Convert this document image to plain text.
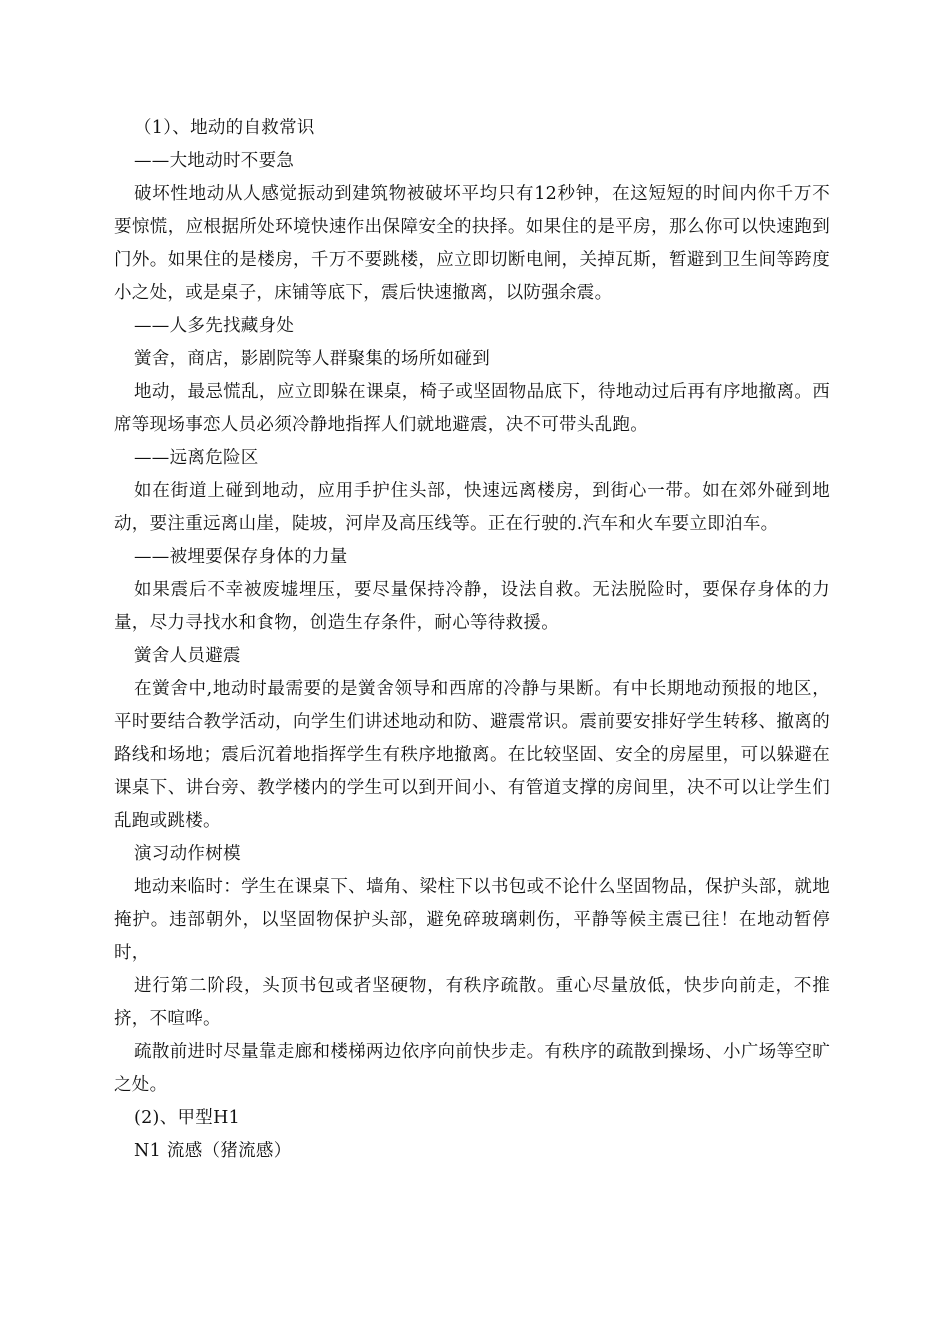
（1）、地动的自救常识

——大地动时不要急

破坏性地动从人感觉振动到建筑物被破坏平均只有12秒钟，在这短短的时间内你千万不要惊慌，应根据所处环境快速作出保障安全的抉择。如果住的是平房，那么你可以快速跑到门外。如果住的是楼房，千万不要跳楼，应立即切断电闸，关掉瓦斯，暂避到卫生间等跨度小之处，或是桌子，床铺等底下，震后快速撤离，以防强余震。

——人多先找藏身处

黉舍，商店，影剧院等人群聚集的场所如碰到

地动，最忌慌乱，应立即躲在课桌，椅子或坚固物品底下，待地动过后再有序地撤离。西席等现场事恋人员必须冷静地指挥人们就地避震，决不可带头乱跑。

——远离危险区

如在街道上碰到地动，应用手护住头部，快速远离楼房，到街心一带。如在郊外碰到地动，要注重远离山崖，陡坡，河岸及高压线等。正在行驶的.汽车和火车要立即泊车。

——被埋要保存身体的力量

如果震后不幸被废墟埋压，要尽量保持冷静，设法自救。无法脱险时，要保存身体的力量，尽力寻找水和食物，创造生存条件，耐心等待救援。

黉舍人员避震

在黉舍中,地动时最需要的是黉舍领导和西席的冷静与果断。有中长期地动预报的地区，平时要结合教学活动，向学生们讲述地动和防、避震常识。震前要安排好学生转移、撤离的路线和场地；震后沉着地指挥学生有秩序地撤离。在比较坚固、安全的房屋里，可以躲避在课桌下、讲台旁、教学楼内的学生可以到开间小、有管道支撑的房间里，决不可以让学生们乱跑或跳楼。

演习动作树模

地动来临时：学生在课桌下、墙角、梁柱下以书包或不论什么坚固物品，保护头部，就地掩护。违部朝外，以坚固物保护头部，避免碎玻璃刺伤，平静等候主震已往！在地动暂停时，

进行第二阶段，头顶书包或者坚硬物，有秩序疏散。重心尽量放低，快步向前走，不推挤，不喧哗。

疏散前进时尽量靠走廊和楼梯两边依序向前快步走。有秩序的疏散到操场、小广场等空旷之处。

(2)、甲型H1

N1 流感（猪流感）
